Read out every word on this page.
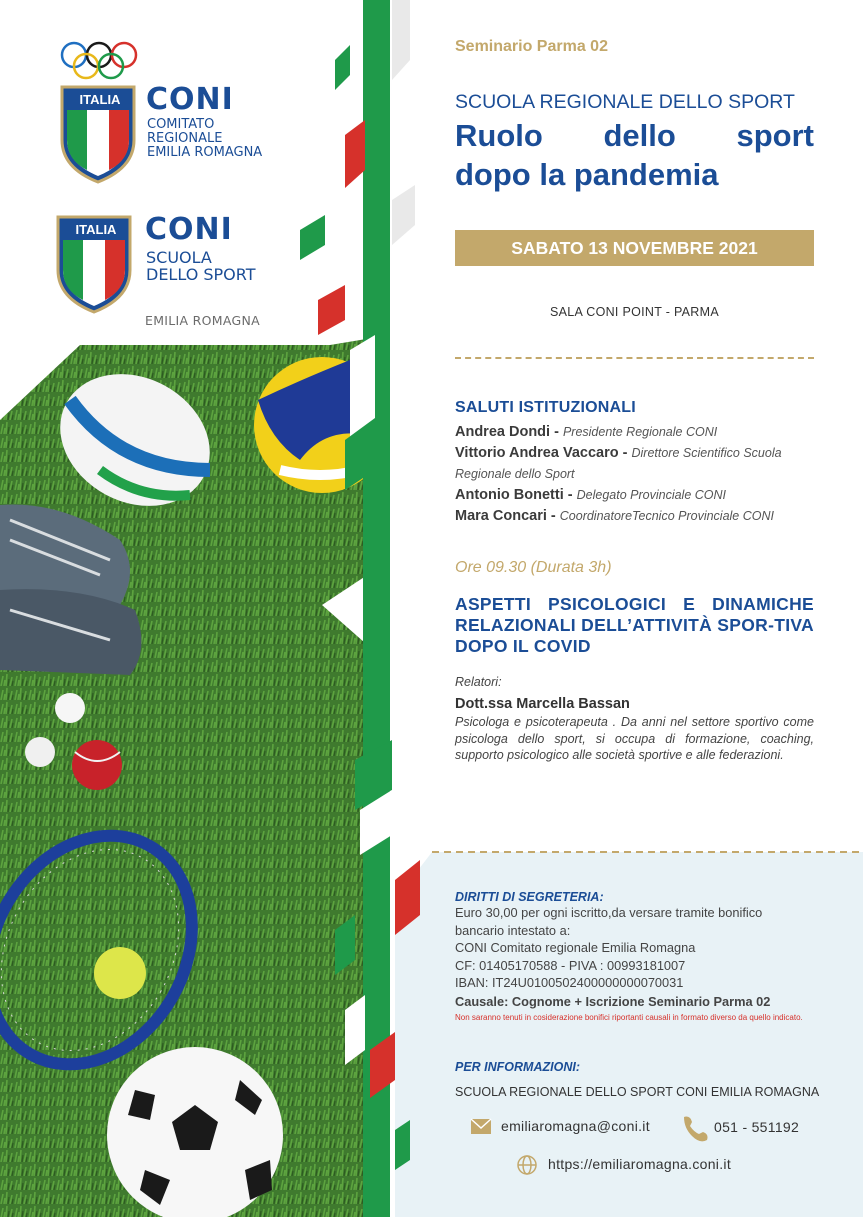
ITALIA CONI
COMITATO
REGIONALE
EMILIA ROMAGNA
ITALIA CONI
SCUOLA
DELLO SPORT
EMILIA ROMAGNA
Seminario Parma 02
SCUOLA REGIONALE DELLO SPORT
Ruolo dello sport
dopo la pandemia
SABATO 13 NOVEMBRE 2021
SALA CONI POINT - PARMA
SALUTI ISTITUZIONALI
Andrea Dondi - Presidente Regionale CONI
Vittorio Andrea Vaccaro - Direttore Scientifico Scuola
Regionale dello Sport
Antonio Bonetti - Delegato Provinciale CONI
Mara Concari - CoordinatoreTecnico Provinciale CONI
Ore 09.30 (Durata 3h)
ASPETTI PSICOLOGICI E DINAMICHE RELAZIONALI DELL’ATTIVITÀ SPOR-TIVA DOPO IL COVID
Relatori:
Dott.ssa Marcella Bassan
Psicologa e psicoterapeuta . Da anni nel settore sportivo come psicologa dello sport, si occupa di formazione, coaching, supporto psicologico alle società sportive e alle federazioni.
DIRITTI DI SEGRETERIA:
Euro 30,00 per ogni iscritto,da versare tramite bonifico
bancario intestato a:
CONI Comitato regionale Emilia Romagna
CF: 01405170588 - PIVA : 00993181007
IBAN: IT24U0100502400000000070031
Causale: Cognome + Iscrizione Seminario Parma 02
Non saranno tenuti in cosiderazione bonifici riportanti causali in formato diverso da quello indicato.
PER INFORMAZIONI:
SCUOLA REGIONALE DELLO SPORT CONI EMILIA ROMAGNA
emiliaromagna@coni.it	051 - 551192
https://emiliaromagna.coni.it
